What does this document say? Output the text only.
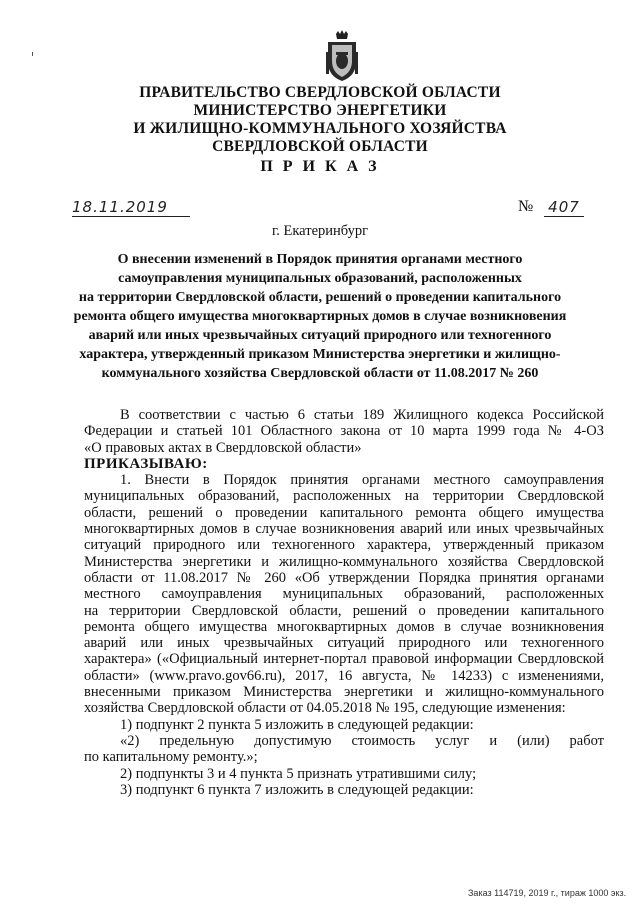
ПРАВИТЕЛЬСТВО СВЕРДЛОВСКОЙ ОБЛАСТИ
МИНИСТЕРСТВО ЭНЕРГЕТИКИ
И ЖИЛИЩНО-КОММУНАЛЬНОГО ХОЗЯЙСТВА
СВЕРДЛОВСКОЙ ОБЛАСТИ
П Р И К А З
18.11.2019	№ 407
г. Екатеринбург
О внесении изменений в Порядок принятия органами местного
самоуправления муниципальных образований, расположенных
на территории Свердловской области, решений о проведении капитального
ремонта общего имущества многоквартирных домов в случае возникновения
аварий или иных чрезвычайных ситуаций природного или техногенного
характера, утвержденный приказом Министерства энергетики и жилищно-
коммунального хозяйства Свердловской области от 11.08.2017 № 260
В соответствии с частью 6 статьи 189 Жилищного кодекса Российской
Федерации и статьей 101 Областного закона от 10 марта 1999 года № 4-ОЗ
«О правовых актах в Свердловской области»
ПРИКАЗЫВАЮ:
1. Внести в Порядок принятия органами местного самоуправления
муниципальных образований, расположенных на территории Свердловской
области, решений о проведении капитального ремонта общего имущества
многоквартирных домов в случае возникновения аварий или иных чрезвычайных
ситуаций природного или техногенного характера, утвержденный приказом
Министерства энергетики и жилищно-коммунального хозяйства Свердловской
области от 11.08.2017 № 260 «Об утверждении Порядка принятия органами
местного самоуправления муниципальных образований, расположенных
на территории Свердловской области, решений о проведении капитального
ремонта общего имущества многоквартирных домов в случае возникновения
аварий или иных чрезвычайных ситуаций природного или техногенного
характера» («Официальный интернет-портал правовой информации Свердловской
области» (www.pravo.gov66.ru), 2017, 16 августа, № 14233) с изменениями,
внесенными приказом Министерства энергетики и жилищно-коммунального
хозяйства Свердловской области от 04.05.2018 № 195, следующие изменения:
1) подпункт 2 пункта 5 изложить в следующей редакции:
«2) предельную допустимую стоимость услуг и (или) работ
по капитальному ремонту.»;
2) подпункты 3 и 4 пункта 5 признать утратившими силу;
3) подпункт 6 пункта 7 изложить в следующей редакции:
Заказ 114719, 2019 г., тираж 1000 экз.
